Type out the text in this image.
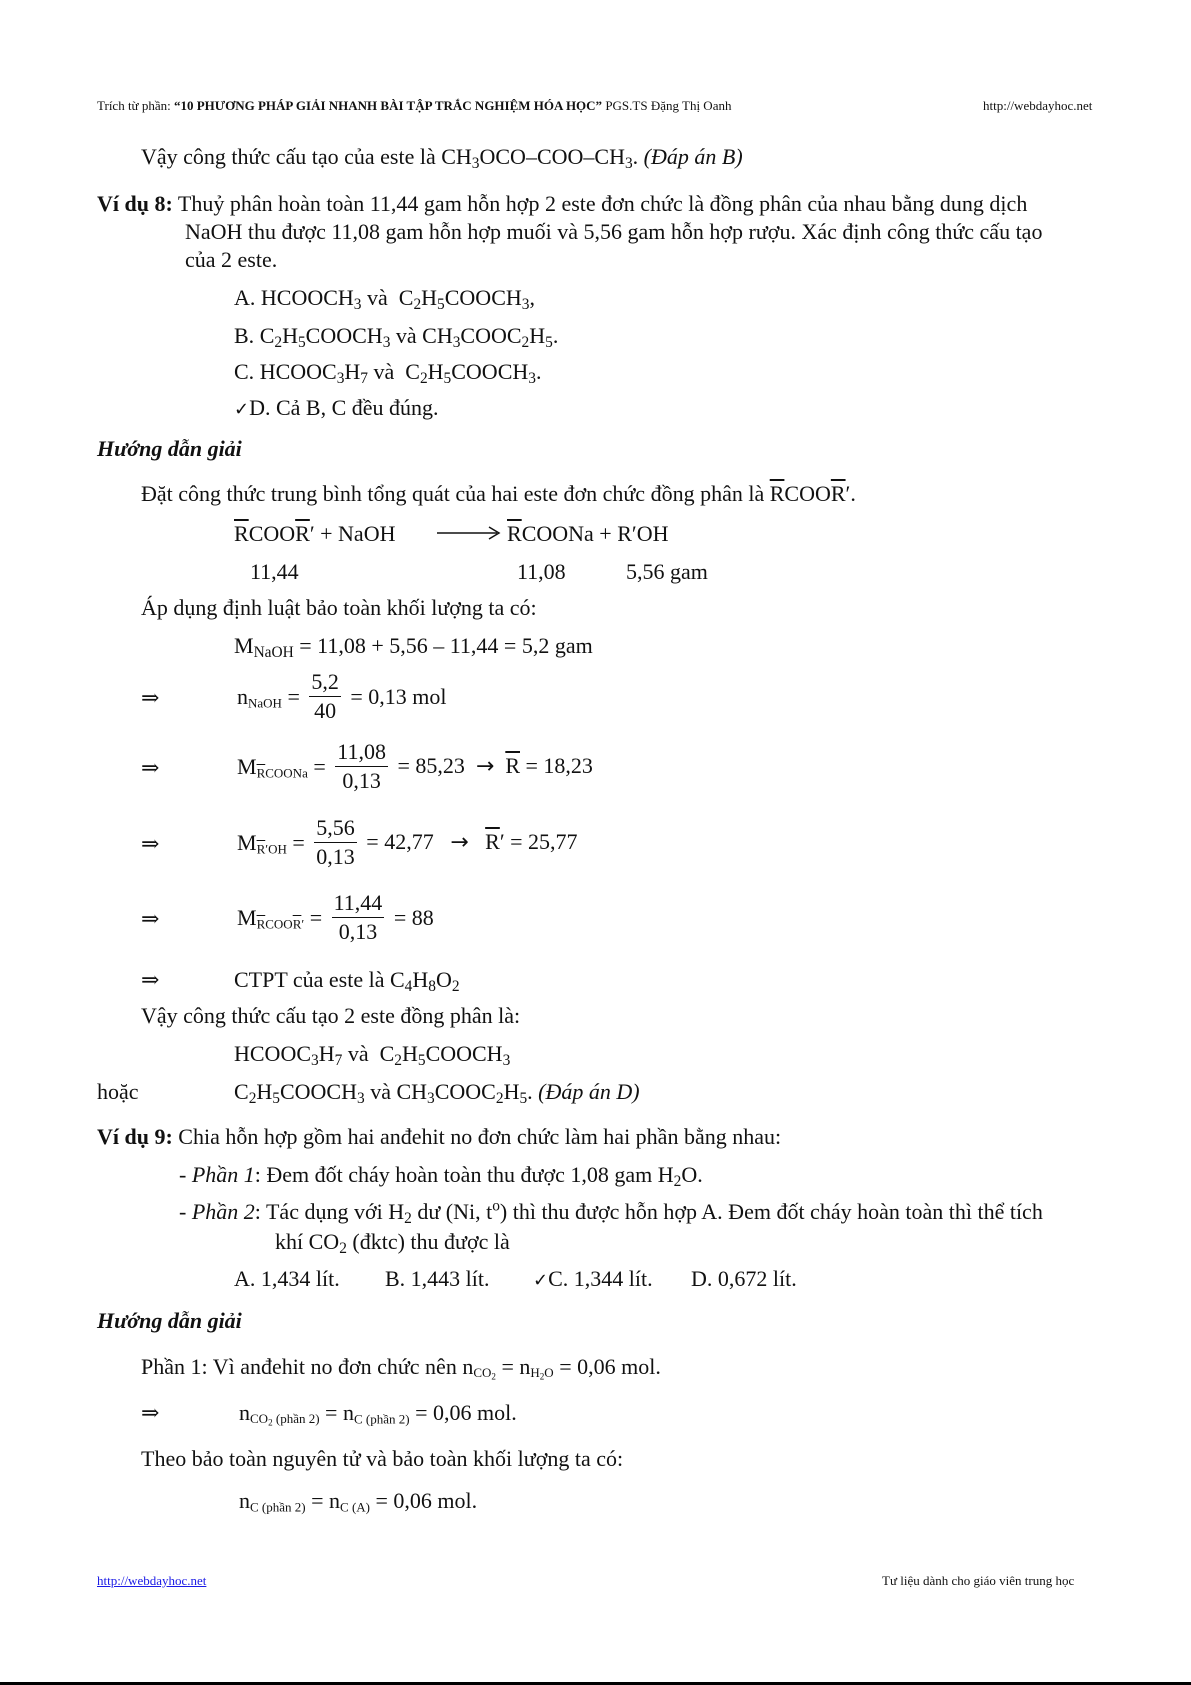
Trích từ phần: “10 PHƯƠNG PHÁP GIẢI NHANH BÀI TẬP TRẮC NGHIỆM HÓA HỌC” PGS.TS Đặng Thị Oanh	http://webdayhoc.net
Vậy công thức cấu tạo của este là $CH_3OCO-COO-CH_3$. (Đáp án B)
Ví dụ 8: Thuỷ phân hoàn toàn 11,44 gam hỗn hợp 2 este đơn chức là đồng phân của nhau bằng dung dịch
NaOH thu được 11,08 gam hỗn hợp muối và 5,56 gam hỗn hợp rượu. Xác định công thức cấu tạo
của 2 este.
A. $HCOOCH_3$ và  $C_2H_5COOCH_3$,
B. $C_2H_5COOCH_3$ và $CH_3COOC_2H_5$.
C. $HCOOC_3H_7$ và  $C_2H_5COOCH_3$.
✓D. Cả B, C đều đúng.
Hướng dẫn giải
Đặt công thức trung bình tổng quát của hai este đơn chức đồng phân là $\overline{R}COO\overline{R}'$.
$\overline{R}COO\overline{R}'$ + NaOH	$\overline{R}COONa + R'OH$
11,44	11,08	5,56 gam
Áp dụng định luật bảo toàn khối lượng ta có:
$M_{NaOH} = 11,08 + 5,56 - 11,44 = 5,2$ gam
⇒	$n_{NaOH} = \frac{5,2}{40} = 0,13$ mol
⇒	$M_{\overline{R}COONa} = \frac{11,08}{0,13} = 85,23 \to \overline{R} = 18,23$
⇒	$M_{\overline{R}'OH} = \frac{5,56}{0,13} = 42,77 \to \overline{R}' = 25,77$
⇒	$M_{\overline{R}COO\overline{R}'} = \frac{11,44}{0,13} = 88$
⇒	CTPT của este là $C_4H_8O_2$
Vậy công thức cấu tạo 2 este đồng phân là:
$HCOOC_3H_7$ và  $C_2H_5COOCH_3$
hoặc	$C_2H_5COOCH_3$ và $CH_3COOC_2H_5$. (Đáp án D)
Ví dụ 9: Chia hỗn hợp gồm hai anđehit no đơn chức làm hai phần bằng nhau:
- Phần 1: Đem đốt cháy hoàn toàn thu được 1,08 gam $H_2O$.
- Phần 2: Tác dụng với $H_2$ dư (Ni, $t^o$) thì thu được hỗn hợp A. Đem đốt cháy hoàn toàn thì thể tích
khí $CO_2$ (đktc) thu được là
A. 1,434 lít. B. 1,443 lít. ✓C. 1,344 lít. D. 0,672 lít.
Hướng dẫn giải
Phần 1: Vì anđehit no đơn chức nên $n_{CO_2} = n_{H_2O} = 0,06$ mol.
⇒	$n_{CO_2 (phần 2)} = n_{C (phần 2)} = 0,06$ mol.
Theo bảo toàn nguyên tử và bảo toàn khối lượng ta có:
$n_{C (phần 2)} = n_{C (A)} = 0,06$ mol.
http://webdayhoc.net	Tư liệu dành cho giáo viên trung học
